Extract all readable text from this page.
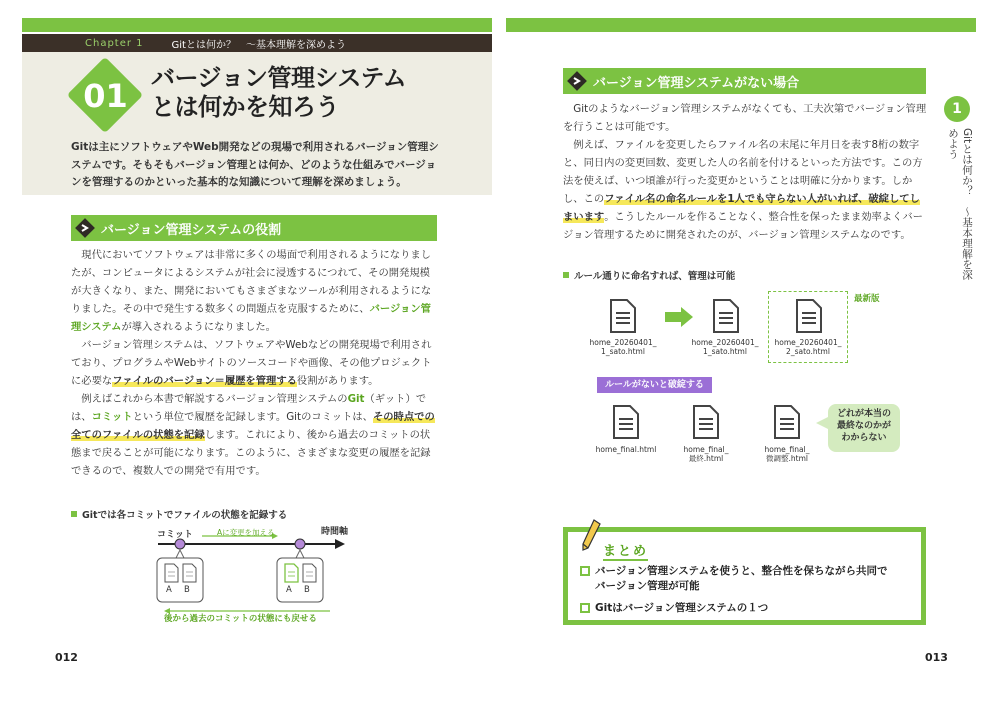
Chapter 1	Gitとは何か？　〜基本理解を深めよう
01 バージョン管理システム
とは何かを知ろう
Gitは主にソフトウェアやWeb開発などの現場で利用されるバージョン管理システムです。そもそもバージョン管理とは何か、どのような仕組みでバージョンを管理するのかといった基本的な知識について理解を深めましょう。
バージョン管理システムの役割
現代においてソフトウェアは非常に多くの場面で利用されるようになりましたが、コンピュータによるシステムが社会に浸透するにつれて、その開発規模が大きくなり、また、開発においてもさまざまなツールが利用されるようになりました。その中で発生する数多くの問題点を克服するために、バージョン管理システムが導入されるようになりました。
バージョン管理システムは、ソフトウェアやWebなどの開発現場で利用されており、プログラムやWebサイトのソースコードや画像、その他プロジェクトに必要なファイルのバージョン＝履歴を管理する役割があります。
例えばこれから本書で解説するバージョン管理システムのGit（ギット）では、コミットという単位で履歴を記録します。Gitのコミットは、その時点での全てのファイルの状態を記録します。これにより、後から過去のコミットの状態まで戻ることが可能になります。このように、さまざまな変更の履歴を記録できるので、複数人での開発で有用です。
Gitでは各コミットでファイルの状態を記録する
コミット	Aに変更を加える	時間軸
A B	A B
後から過去のコミットの状態にも戻せる
012
バージョン管理システムがない場合
Gitのようなバージョン管理システムがなくても、工夫次第でバージョン管理を行うことは可能です。
例えば、ファイルを変更したらファイル名の末尾に年月日を表す8桁の数字と、同日内の変更回数、変更した人の名前を付けるといった方法です。この方法を使えば、いつ頃誰が行った変更かということは明確に分かります。しかし、このファイル名の命名ルールを1人でも守らない人がいれば、破綻してしまいます。こうしたルールを作ることなく、整合性を保ったまま効率よくバージョン管理するために開発されたのが、バージョン管理システムなのです。
ルール通りに命名すれば、管理は可能
最新版
home_20260401_
1_sato.html
home_20260401_
1_sato.html
home_20260401_
2_sato.html
ルールがないと破綻する
home_final.html	home_final_
最終.html
home_final_
微調整.html
どれが本当の
最終なのかが
わからない
まとめ
バージョン管理システムを使うと、整合性を保ちながら共同で
バージョン管理が可能
Gitはバージョン管理システムの１つ
1
Gitとは何か？　〜基本理解を深めよう
013
